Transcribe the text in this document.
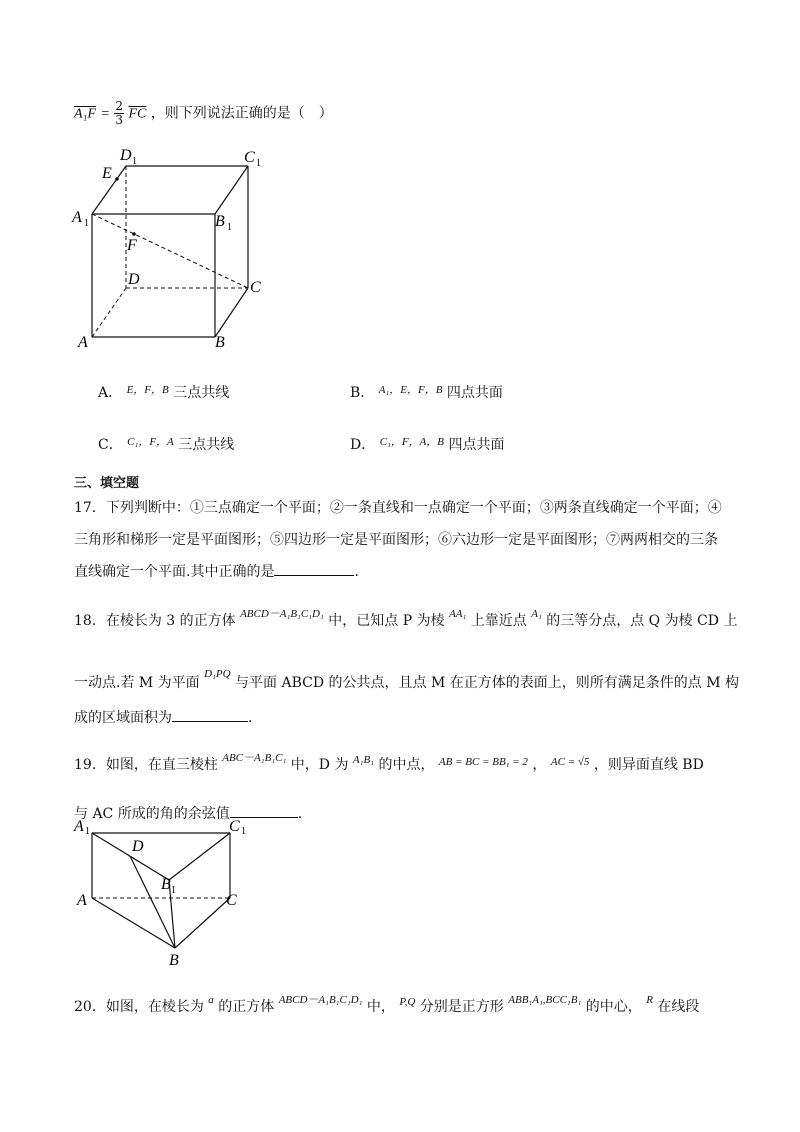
$A_1F = \frac{2}{3} \overline{FC}$ ，则下列说法正确的是（　）
D 1	C 1
E
A 1	B 1
F
D	C
A	B
A． $^{E,F,B}$ 三点共线	B． $^{A_1,E,F,B}$ 四点共面
C． $^{C_1,F,A}$ 三点共线	D． $^{C_1,F,A,B}$ 四点共面
三、填空题
17．下列判断中：①三点确定一个平面；②一条直线和一点确定一个平面；③两条直线确定一个平面；④
三角形和梯形一定是平面图形；⑤四边形一定是平面图形；⑥六边形一定是平面图形；⑦两两相交的三条
直线确定一个平面.其中正确的是	.
18．在棱长为 3 的正方体 $^{ABCD-A_1B_1C_1D_1}$ 中，已知点 P 为棱 $^{AA_1}$ 上靠近点 $^{A_1}$ 的三等分点，点 Q 为棱 CD 上
一动点.若 M 为平面 $^{D_1PQ}$ 与平面 ABCD 的公共点，且点 M 在正方体的表面上，则所有满足条件的点 M 构
成的区域面积为	.
19．如图，在直三棱柱 $^{ABC-A_1B_1C_1}$ 中，D 为 $^{A_1B_1}$ 的中点， $^{AB = BC = BB_1 = 2}$ ， $^{AC = √5}$ ，则异面直线 BD
与 AC 所成的角的余弦值	.
A 1	C 1
D
B 1
A	C
B
20．如图，在棱长为 $^a$ 的正方体 $^{ABCD-A_1B_1C_1D_1}$ 中， $^{P,Q}$ 分别是正方形 $^{ABB_1A_1,BCC_1B_1}$ 的中心， $^R$ 在线段
